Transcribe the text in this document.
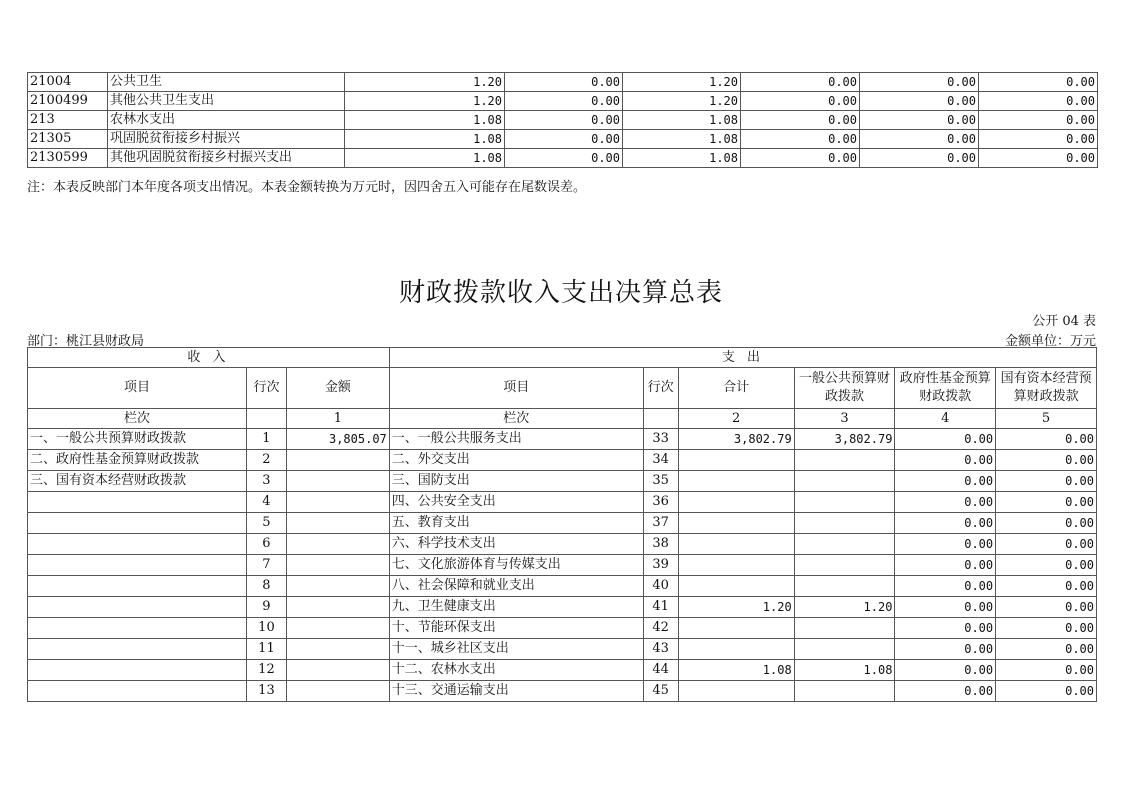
21004	公共卫生	1.20	0.00	1.20	0.00	0.00	0.00
2100499	其他公共卫生支出	1.20	0.00	1.20	0.00	0.00	0.00
213	农林水支出	1.08	0.00	1.08	0.00	0.00	0.00
21305	巩固脱贫衔接乡村振兴	1.08	0.00	1.08	0.00	0.00	0.00
2130599	其他巩固脱贫衔接乡村振兴支出	1.08	0.00	1.08	0.00	0.00	0.00
注：本表反映部门本年度各项支出情况。本表金额转换为万元时，因四舍五入可能存在尾数误差。
财政拨款收入支出决算总表
公开 04 表
部门：桃江县财政局	金额单位：万元
收 入			支 出					
项目	行次	金额	项目	行次	合计	一般公共预算财政拨款	政府性基金预算财政拨款	国有资本经营预算财政拨款
栏次		1	栏次		2	3	4	5
一、一般公共预算财政拨款	1	3,805.07	一、一般公共服务支出	33	3,802.79	3,802.79	0.00	0.00
二、政府性基金预算财政拨款	2		二、外交支出	34			0.00	0.00
三、国有资本经营财政拨款	3		三、国防支出	35			0.00	0.00
	4		四、公共安全支出	36			0.00	0.00
	5		五、教育支出	37			0.00	0.00
	6		六、科学技术支出	38			0.00	0.00
	7		七、文化旅游体育与传媒支出	39			0.00	0.00
	8		八、社会保障和就业支出	40			0.00	0.00
	9		九、卫生健康支出	41	1.20	1.20	0.00	0.00
	10		十、节能环保支出	42			0.00	0.00
	11		十一、城乡社区支出	43			0.00	0.00
	12		十二、农林水支出	44	1.08	1.08	0.00	0.00
	13		十三、交通运输支出	45			0.00	0.00
